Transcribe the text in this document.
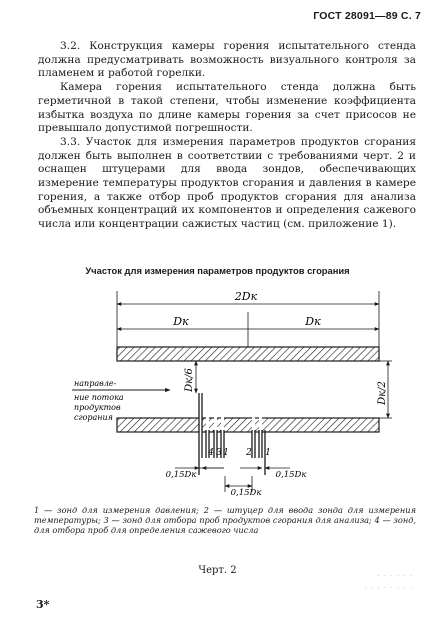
ГОСТ 28091—89 С. 7

3.2. Конструкция камеры горения испытательного стенда должна предусматривать возможность визуального контроля за пламенем и работой горелки.

Камера горения испытательного стенда должна быть герметичной в такой степени, чтобы изменение коэффициента избытка воздуха по длине камеры горения за счет присосов не превышало допустимой погрешности.

3.3. Участок для измерения параметров продуктов сгорания должен быть выполнен в соответствии с требованиями черт. 2 и оснащен штуцерами для ввода зондов, обеспечивающих измерение температуры продуктов сгорания и давления в камере горения, а также отбор проб продуктов сгорания для анализа объемных концентраций их компонентов и определения сажевого числа или концентрации сажистых частиц (см. приложение 1).

Участок для измерения параметров продуктов сгорания
2Dк
Dк	Dк
Dк/6
Dк/2
направле-
ние потока
продуктов
сгорания
4 3 1 2 1
0,15Dк	0,15Dк
0,15Dк
1 — зонд для измерения давления; 2 — штуцер для ввода зонда для измерения температуры; 3 — зонд для отбора проб продуктов сгорания для анализа; 4 — зонд, для отбора проб для определения сажевого числа
Черт. 2
3*
· · · · · ·
· · · · · · · ·
